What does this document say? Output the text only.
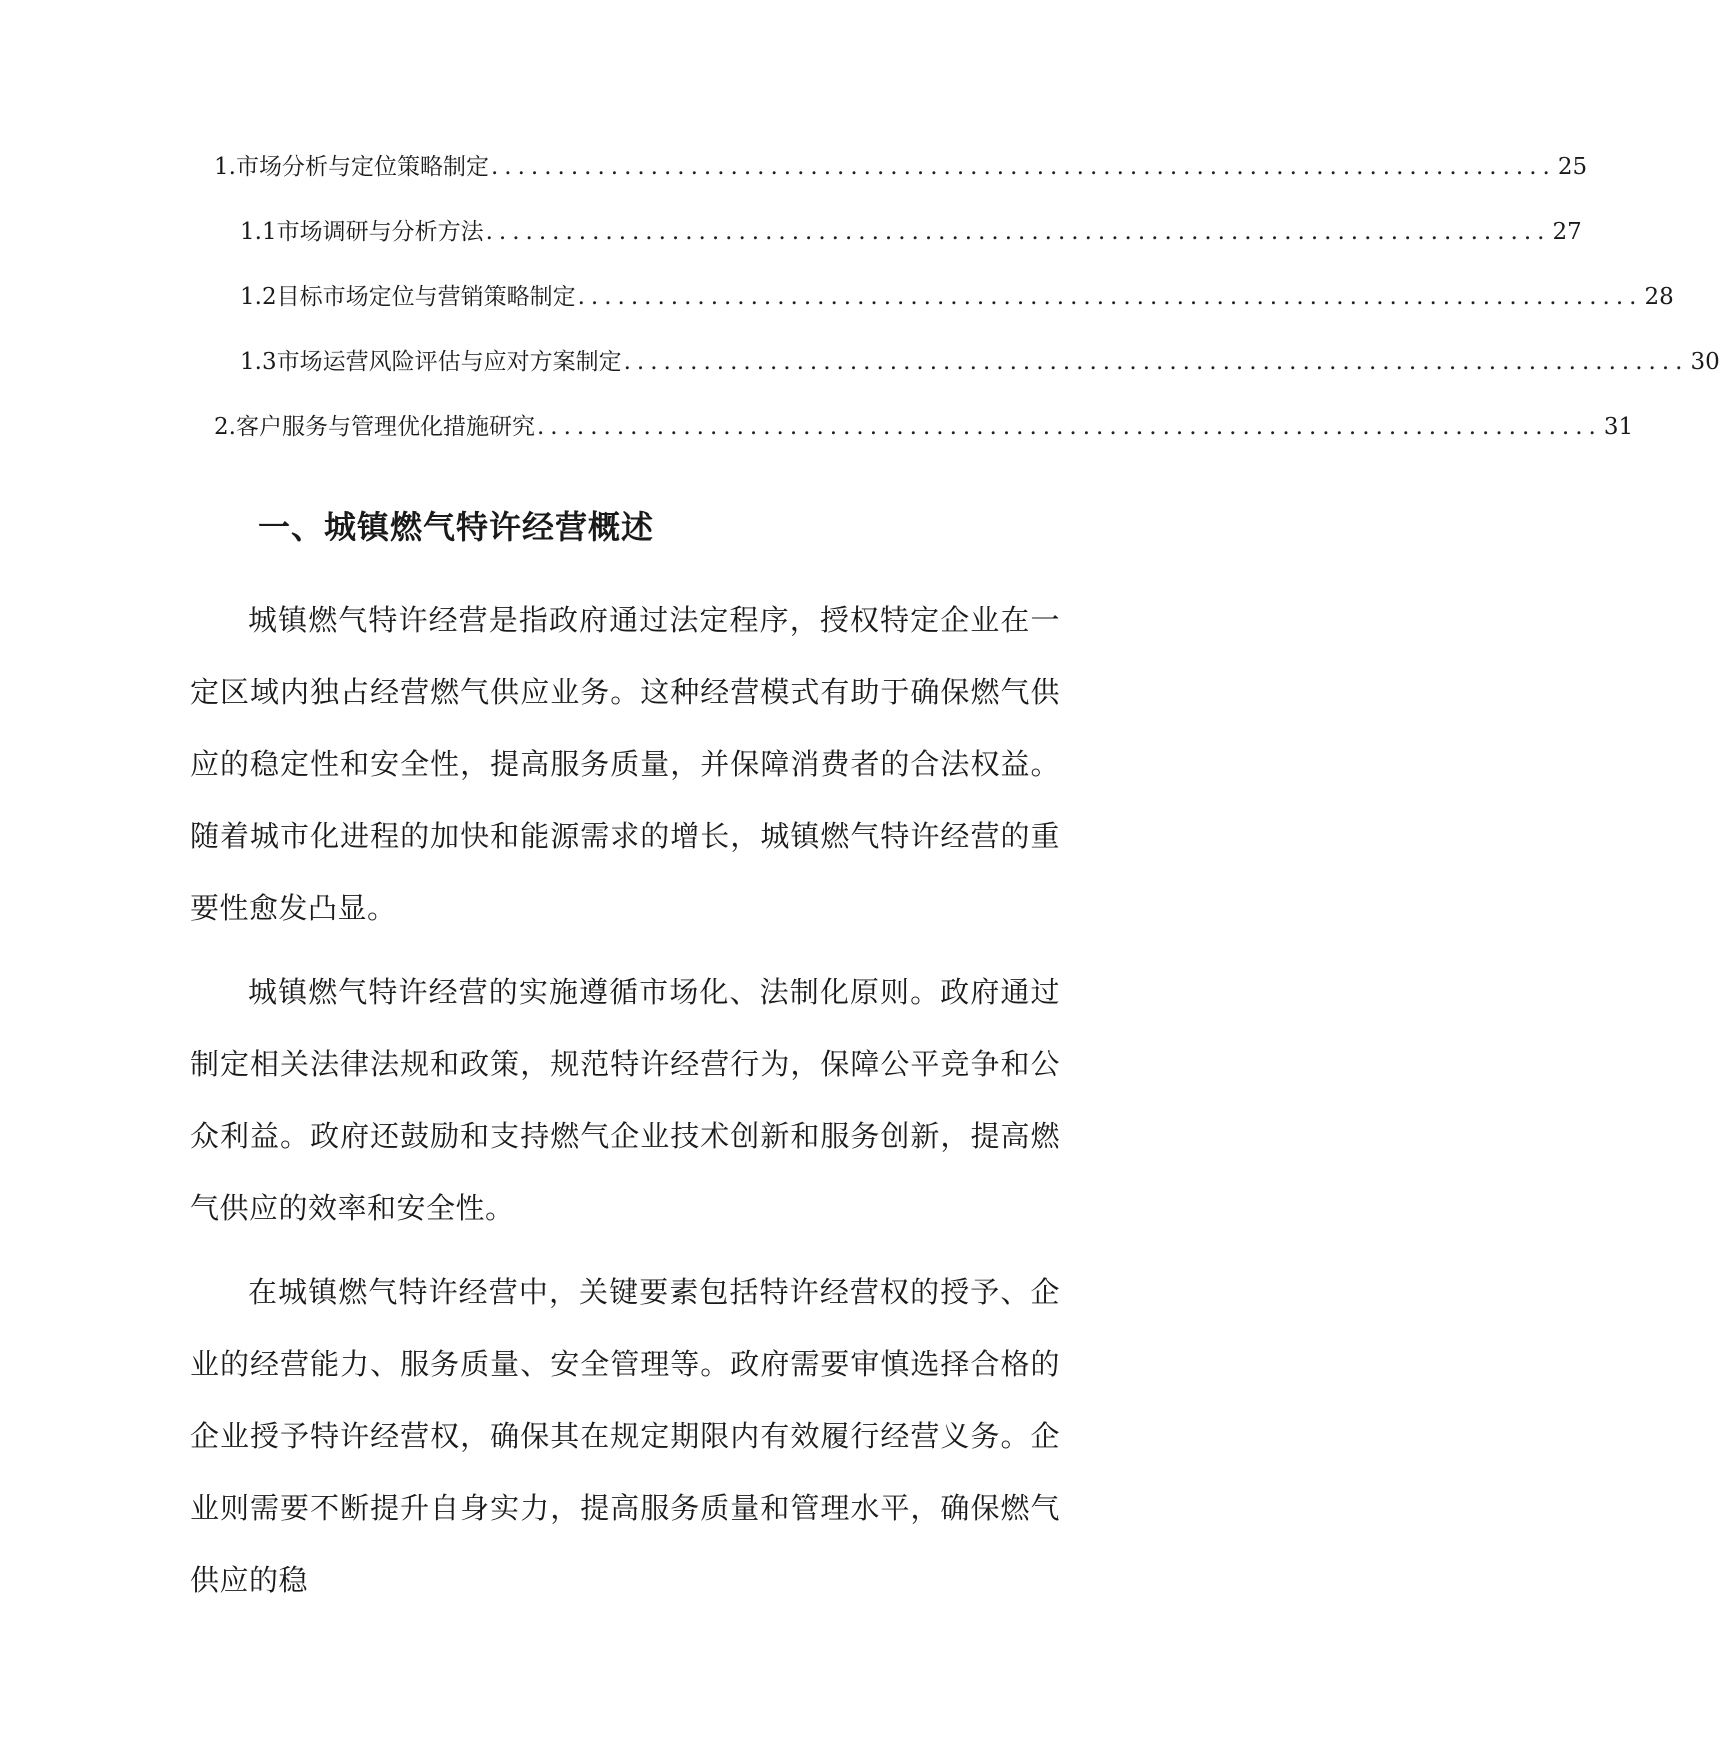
1. 市场分析与定位策略制定 ................................................................................ 25
1.1 市场调研与分析方法 ................................................................................ 27
1.2 目标市场定位与营销策略制定 ................................................................................ 28
1.3 市场运营风险评估与应对方案制定 ................................................................................ 30
2. 客户服务与管理优化措施研究 ................................................................................ 31
一、城镇燃气特许经营概述

城镇燃气特许经营是指政府通过法定程序，授权特定企业在一定区域内独占经营燃气供应业务。这种经营模式有助于确保燃气供应的稳定性和安全性，提高服务质量，并保障消费者的合法权益。随着城市化进程的加快和能源需求的增长，城镇燃气特许经营的重要性愈发凸显。

城镇燃气特许经营的实施遵循市场化、法制化原则。政府通过制定相关法律法规和政策，规范特许经营行为，保障公平竞争和公众利益。政府还鼓励和支持燃气企业技术创新和服务创新，提高燃气供应的效率和安全性。

在城镇燃气特许经营中，关键要素包括特许经营权的授予、企业的经营能力、服务质量、安全管理等。政府需要审慎选择合格的企业授予特许经营权，确保其在规定期限内有效履行经营义务。企业则需要不断提升自身实力，提高服务质量和管理水平，确保燃气供应的稳
